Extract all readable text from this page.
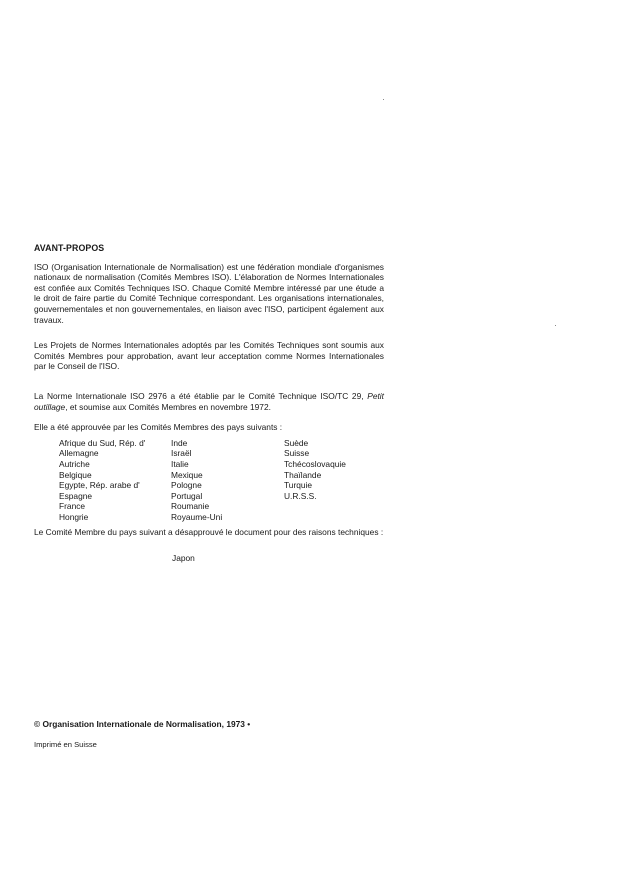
AVANT-PROPOS

ISO (Organisation Internationale de Normalisation) est une fédération mondiale d'organismes nationaux de normalisation (Comités Membres ISO). L'élaboration de Normes Internationales est confiée aux Comités Techniques ISO. Chaque Comité Membre intéressé par une étude a le droit de faire partie du Comité Technique correspondant. Les organisations internationales, gouvernementales et non gouvernementales, en liaison avec l'ISO, participent également aux travaux.

Les Projets de Normes Internationales adoptés par les Comités Techniques sont soumis aux Comités Membres pour approbation, avant leur acceptation comme Normes Internationales par le Conseil de l'ISO.

La Norme Internationale ISO 2976 a été établie par le Comité Technique ISO/TC 29, Petit outillage, et soumise aux Comités Membres en novembre 1972.

Elle a été approuvée par les Comités Membres des pays suivants :

Afrique du Sud, Rép. d'
Allemagne
Autriche
Belgique
Egypte, Rép. arabe d'
Espagne
France
Hongrie
Inde
Israël
Italie
Mexique
Pologne
Portugal
Roumanie
Royaume-Uni
Suède
Suisse
Tchécoslovaquie
Thaïlande
Turquie
U.R.S.S.

Le Comité Membre du pays suivant a désapprouvé le document pour des raisons techniques :

Japon
© Organisation Internationale de Normalisation, 1973 •
Imprimé en Suisse
